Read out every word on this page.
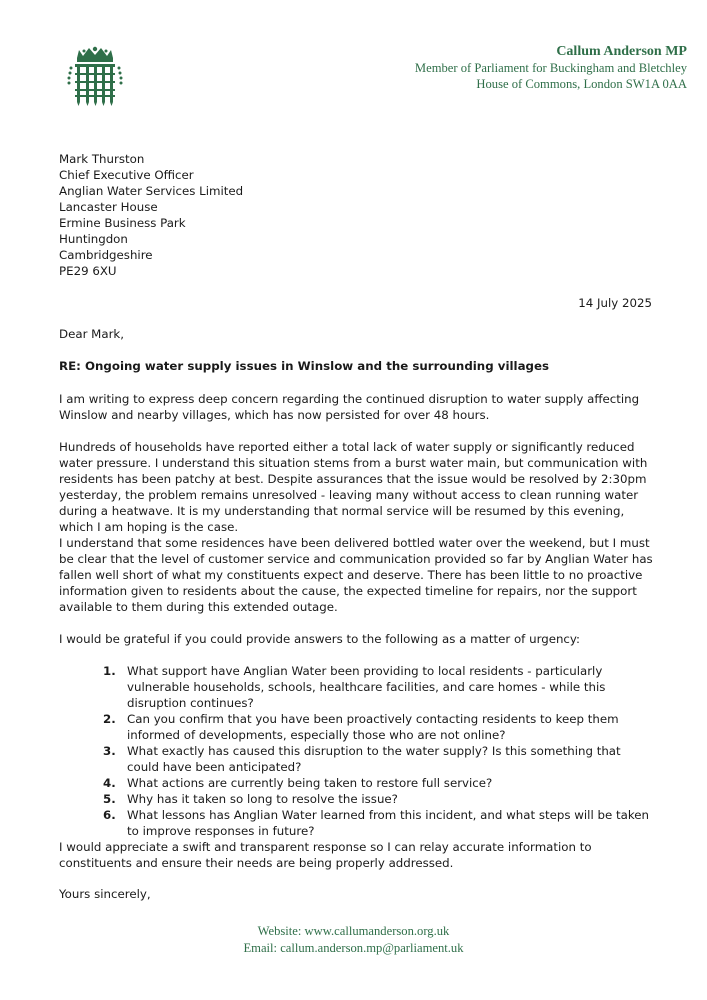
Callum Anderson MP
Member of Parliament for Buckingham and Bletchley
House of Commons, London SW1A 0AA
Mark Thurston
Chief Executive Officer
Anglian Water Services Limited
Lancaster House
Ermine Business Park
Huntingdon
Cambridgeshire
PE29 6XU
14 July 2025
Dear Mark,
RE: Ongoing water supply issues in Winslow and the surrounding villages

I am writing to express deep concern regarding the continued disruption to water supply affecting Winslow and nearby villages, which has now persisted for over 48 hours.

Hundreds of households have reported either a total lack of water supply or significantly reduced water pressure. I understand this situation stems from a burst water main, but communication with residents has been patchy at best. Despite assurances that the issue would be resolved by 2:30pm yesterday, the problem remains unresolved - leaving many without access to clean running water during a heatwave. It is my understanding that normal service will be resumed by this evening, which I am hoping is the case.

I understand that some residences have been delivered bottled water over the weekend, but I must be clear that the level of customer service and communication provided so far by Anglian Water has fallen well short of what my constituents expect and deserve. There has been little to no proactive information given to residents about the cause, the expected timeline for repairs, nor the support available to them during this extended outage.

I would be grateful if you could provide answers to the following as a matter of urgency:

1. What support have Anglian Water been providing to local residents - particularly vulnerable households, schools, healthcare facilities, and care homes - while this disruption continues?
2. Can you confirm that you have been proactively contacting residents to keep them informed of developments, especially those who are not online?
3. What exactly has caused this disruption to the water supply? Is this something that could have been anticipated?
4. What actions are currently being taken to restore full service?
5. Why has it taken so long to resolve the issue?
6. What lessons has Anglian Water learned from this incident, and what steps will be taken to improve responses in future?

I would appreciate a swift and transparent response so I can relay accurate information to constituents and ensure their needs are being properly addressed.

Yours sincerely,
Website: www.callumanderson.org.uk
Email: callum.anderson.mp@parliament.uk
